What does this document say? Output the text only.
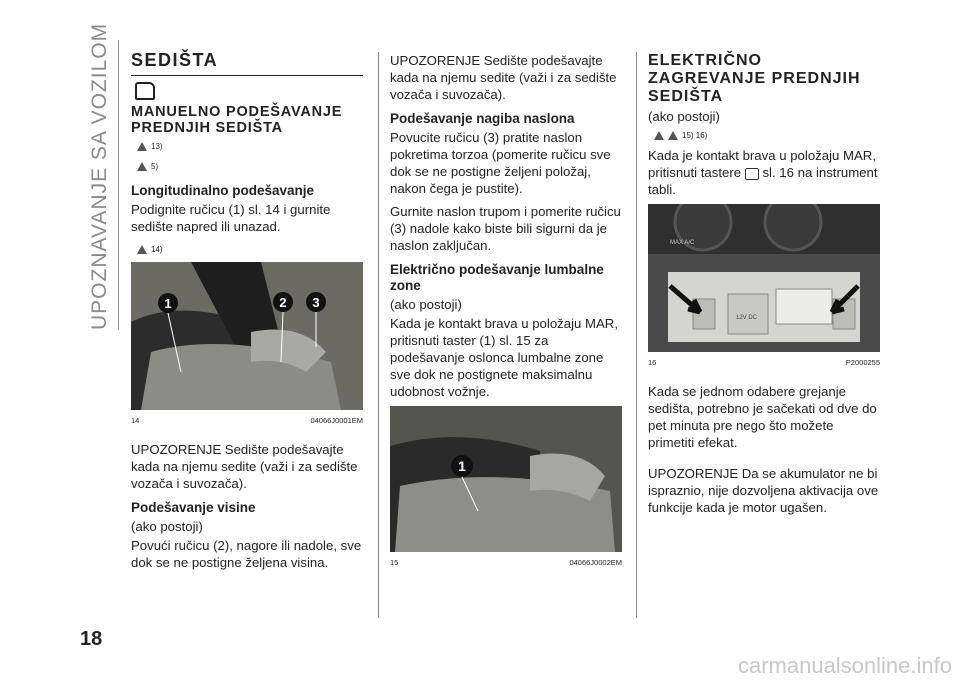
UPOZNAVANJE SA VOZILOM SEDIŠTA
MANUELNO PODEŠAVANJE PREDNJIH SEDIŠTA
13)
5)
Longitudinalno podešavanje

Podignite ručicu (1) sl. 14 i gurnite sedište napred ili unazad.

14)
1	2 3
14	04066J0001EM

UPOZORENJE Sedište podešavajte kada na njemu sedite (važi i za sedište vozača i suvozača).

Podešavanje visine

(ako postoji)

Povući ručicu (2), nagore ili nadole, sve dok se ne postigne željena visina.

UPOZORENJE Sedište podešavajte kada na njemu sedite (važi i za sedište vozača i suvozača).

Podešavanje nagiba naslona

Povucite ručicu (3) pratite naslon pokretima torzoa (pomerite ručicu sve dok se ne postigne željeni položaj, nakon čega je pustite).

Gurnite naslon trupom i pomerite ručicu (3) nadole kako biste bili sigurni da je naslon zaključan.

Električno podešavanje lumbalne zone

(ako postoji)

Kada je kontakt brava u položaju MAR, pritisnuti taster (1) sl. 15 za podešavanje oslonca lumbalne zone sve dok ne postignete maksimalnu udobnost vožnje.

1
15	04066J0002EM
ELEKTRIČNO ZAGREVANJE PREDNJIH SEDIŠTA

(ako postoji)

15) 16)

Kada je kontakt brava u položaju MAR, pritisnuti tastere sl. 16 na instrument tabli.

MAX A/C
12V DC
16	P2000255

Kada se jednom odabere grejanje sedišta, potrebno je sačekati od dve do pet minuta pre nego što možete primetiti efekat.

UPOZORENJE Da se akumulator ne bi ispraznio, nije dozvoljena aktivacija ove funkcije kada je motor ugašen.

18
carmanualsonline.info
